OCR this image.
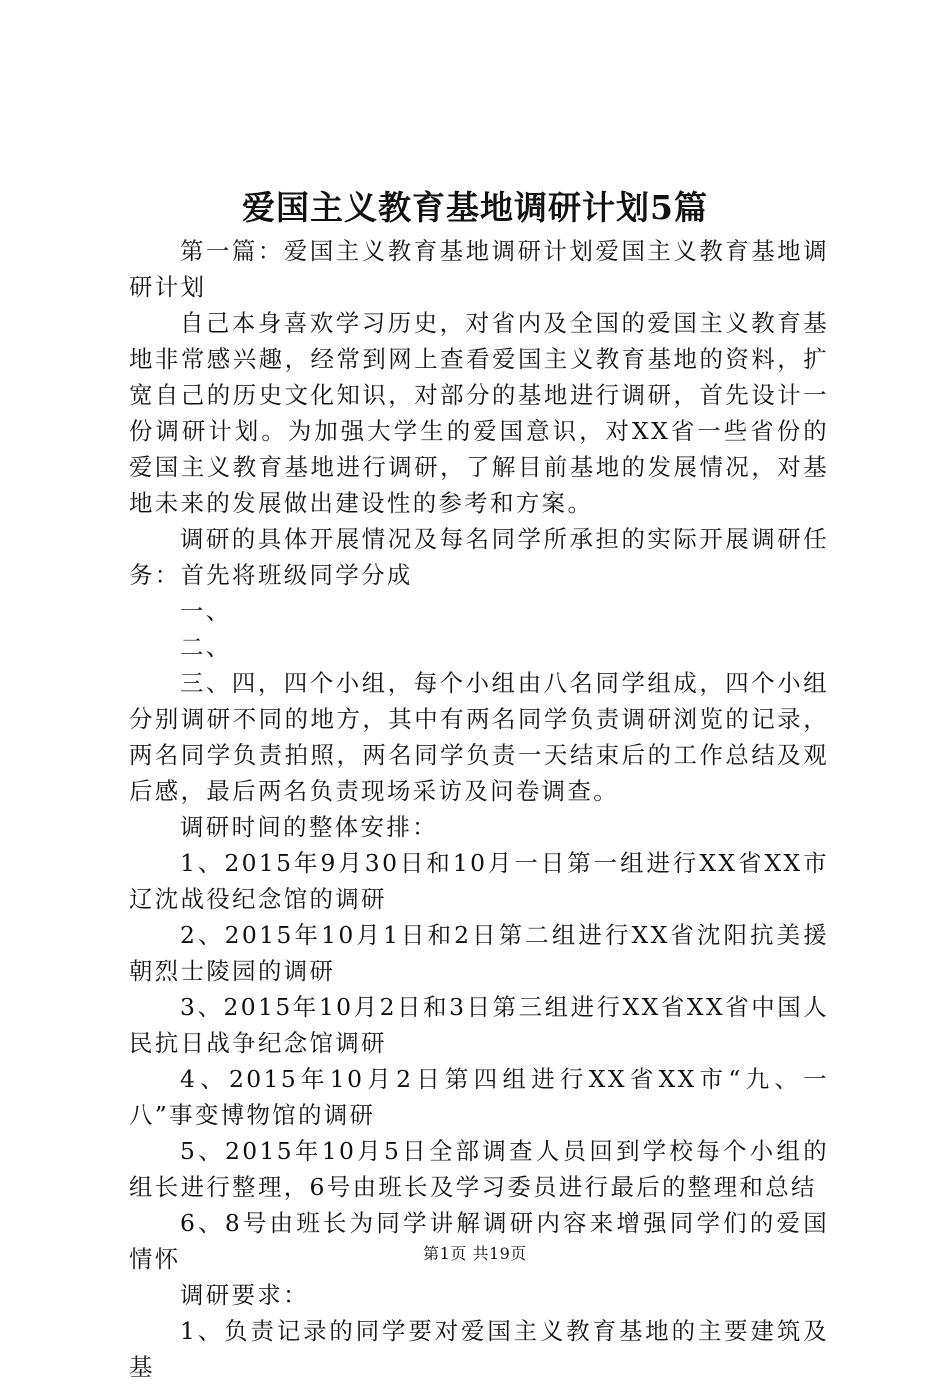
爱国主义教育基地调研计划5篇

第一篇：爱国主义教育基地调研计划爱国主义教育基地调研计划

自己本身喜欢学习历史，对省内及全国的爱国主义教育基地非常感兴趣，经常到网上查看爱国主义教育基地的资料，扩宽自己的历史文化知识，对部分的基地进行调研，首先设计一份调研计划。为加强大学生的爱国意识，对XX省一些省份的爱国主义教育基地进行调研，了解目前基地的发展情况，对基地未来的发展做出建设性的参考和方案。

调研的具体开展情况及每名同学所承担的实际开展调研任务：首先将班级同学分成

一、

二、

三、四，四个小组，每个小组由八名同学组成，四个小组分别调研不同的地方，其中有两名同学负责调研浏览的记录，两名同学负责拍照，两名同学负责一天结束后的工作总结及观后感，最后两名负责现场采访及问卷调查。

调研时间的整体安排：

1、2015年9月30日和10月一日第一组进行XX省XX市辽沈战役纪念馆的调研

2、2015年10月1日和2日第二组进行XX省沈阳抗美援朝烈士陵园的调研

3、2015年10月2日和3日第三组进行XX省XX省中国人民抗日战争纪念馆调研

4、2015年10月2日第四组进行XX省XX市“九、一八”事变博物馆的调研

5、2015年10月5日全部调查人员回到学校每个小组的组长进行整理，6号由班长及学习委员进行最后的整理和总结

6、8号由班长为同学讲解调研内容来增强同学们的爱国情怀

调研要求：

1、负责记录的同学要对爱国主义教育基地的主要建筑及基

第1页 共19页
